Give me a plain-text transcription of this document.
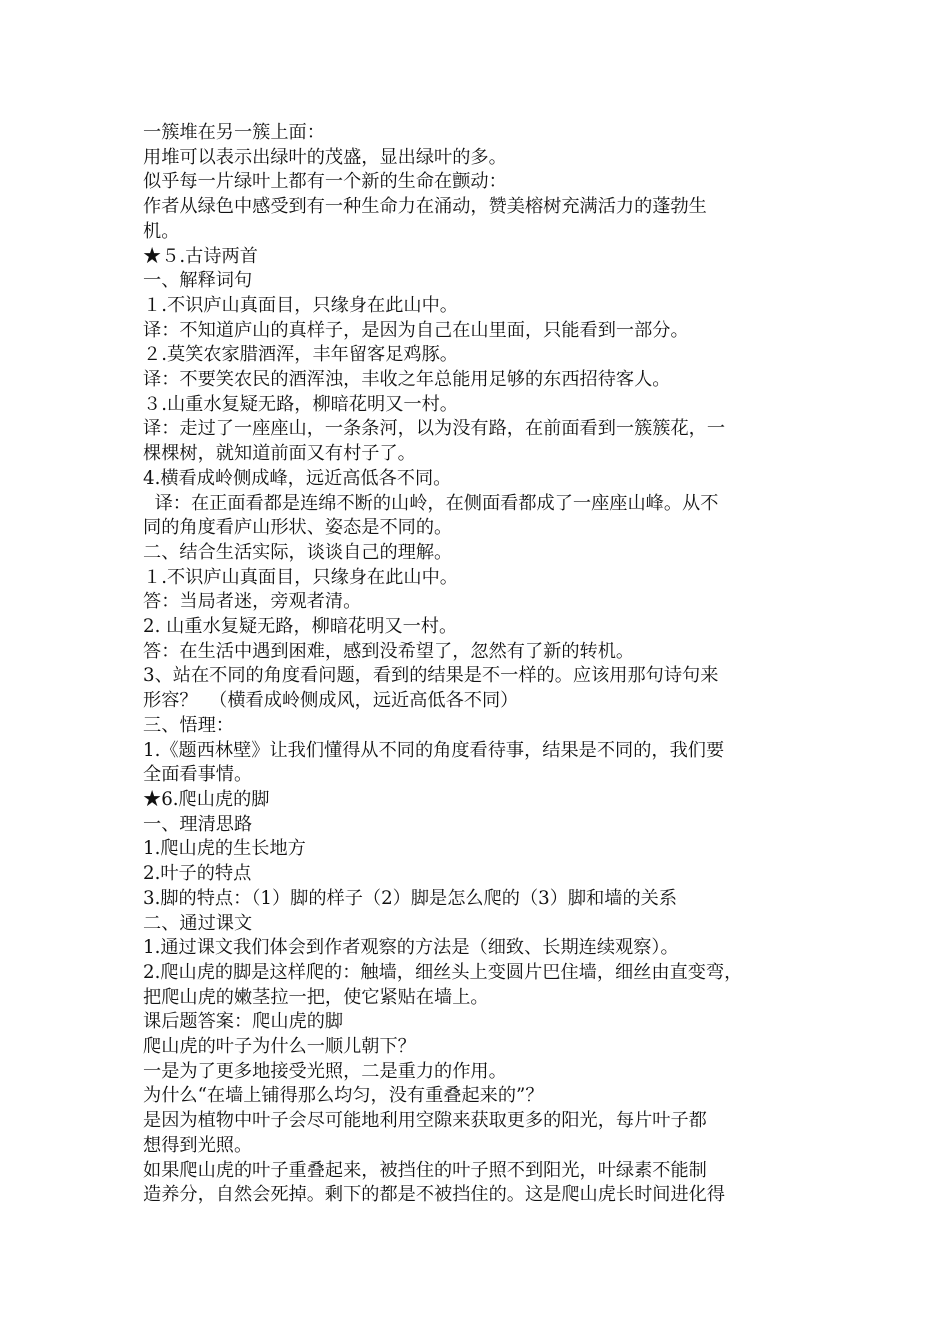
一簇堆在另一簇上面：
用堆可以表示出绿叶的茂盛，显出绿叶的多。
似乎每一片绿叶上都有一个新的生命在颤动：
作者从绿色中感受到有一种生命力在涌动，赞美榕树充满活力的蓬勃生
机。
★５.古诗两首
一、解释词句
１.不识庐山真面目，只缘身在此山中。
译：不知道庐山的真样子，是因为自己在山里面，只能看到一部分。
２.莫笑农家腊酒浑，丰年留客足鸡豚。
译：不要笑农民的酒浑浊，丰收之年总能用足够的东西招待客人。
３.山重水复疑无路，柳暗花明又一村。
译：走过了一座座山，一条条河，以为没有路，在前面看到一簇簇花，一
棵棵树，就知道前面又有村子了。
4.横看成岭侧成峰，远近高低各不同。
译：在正面看都是连绵不断的山岭，在侧面看都成了一座座山峰。从不
同的角度看庐山形状、姿态是不同的。
二、结合生活实际，谈谈自己的理解。
１.不识庐山真面目，只缘身在此山中。
答：当局者迷，旁观者清。
2. 山重水复疑无路，柳暗花明又一村。
答：在生活中遇到困难，感到没希望了，忽然有了新的转机。
3、站在不同的角度看问题，看到的结果是不一样的。应该用那句诗句来
形容？  （横看成岭侧成风，远近高低各不同）
三、悟理：
1.《题西林壁》让我们懂得从不同的角度看待事，结果是不同的，我们要
全面看事情。
★6.爬山虎的脚
一、理清思路
1.爬山虎的生长地方
2.叶子的特点
3.脚的特点：（1）脚的样子（2）脚是怎么爬的（3）脚和墙的关系
二、通过课文
1.通过课文我们体会到作者观察的方法是（细致、长期连续观察）。
2.爬山虎的脚是这样爬的：触墙，细丝头上变圆片巴住墙，细丝由直变弯，
把爬山虎的嫩茎拉一把，使它紧贴在墙上。
课后题答案：爬山虎的脚
爬山虎的叶子为什么一顺儿朝下？
一是为了更多地接受光照，二是重力的作用。
为什么“在墙上铺得那么均匀，没有重叠起来的”？
是因为植物中叶子会尽可能地利用空隙来获取更多的阳光，每片叶子都
想得到光照。
如果爬山虎的叶子重叠起来，被挡住的叶子照不到阳光，叶绿素不能制
造养分，自然会死掉。剩下的都是不被挡住的。这是爬山虎长时间进化得
